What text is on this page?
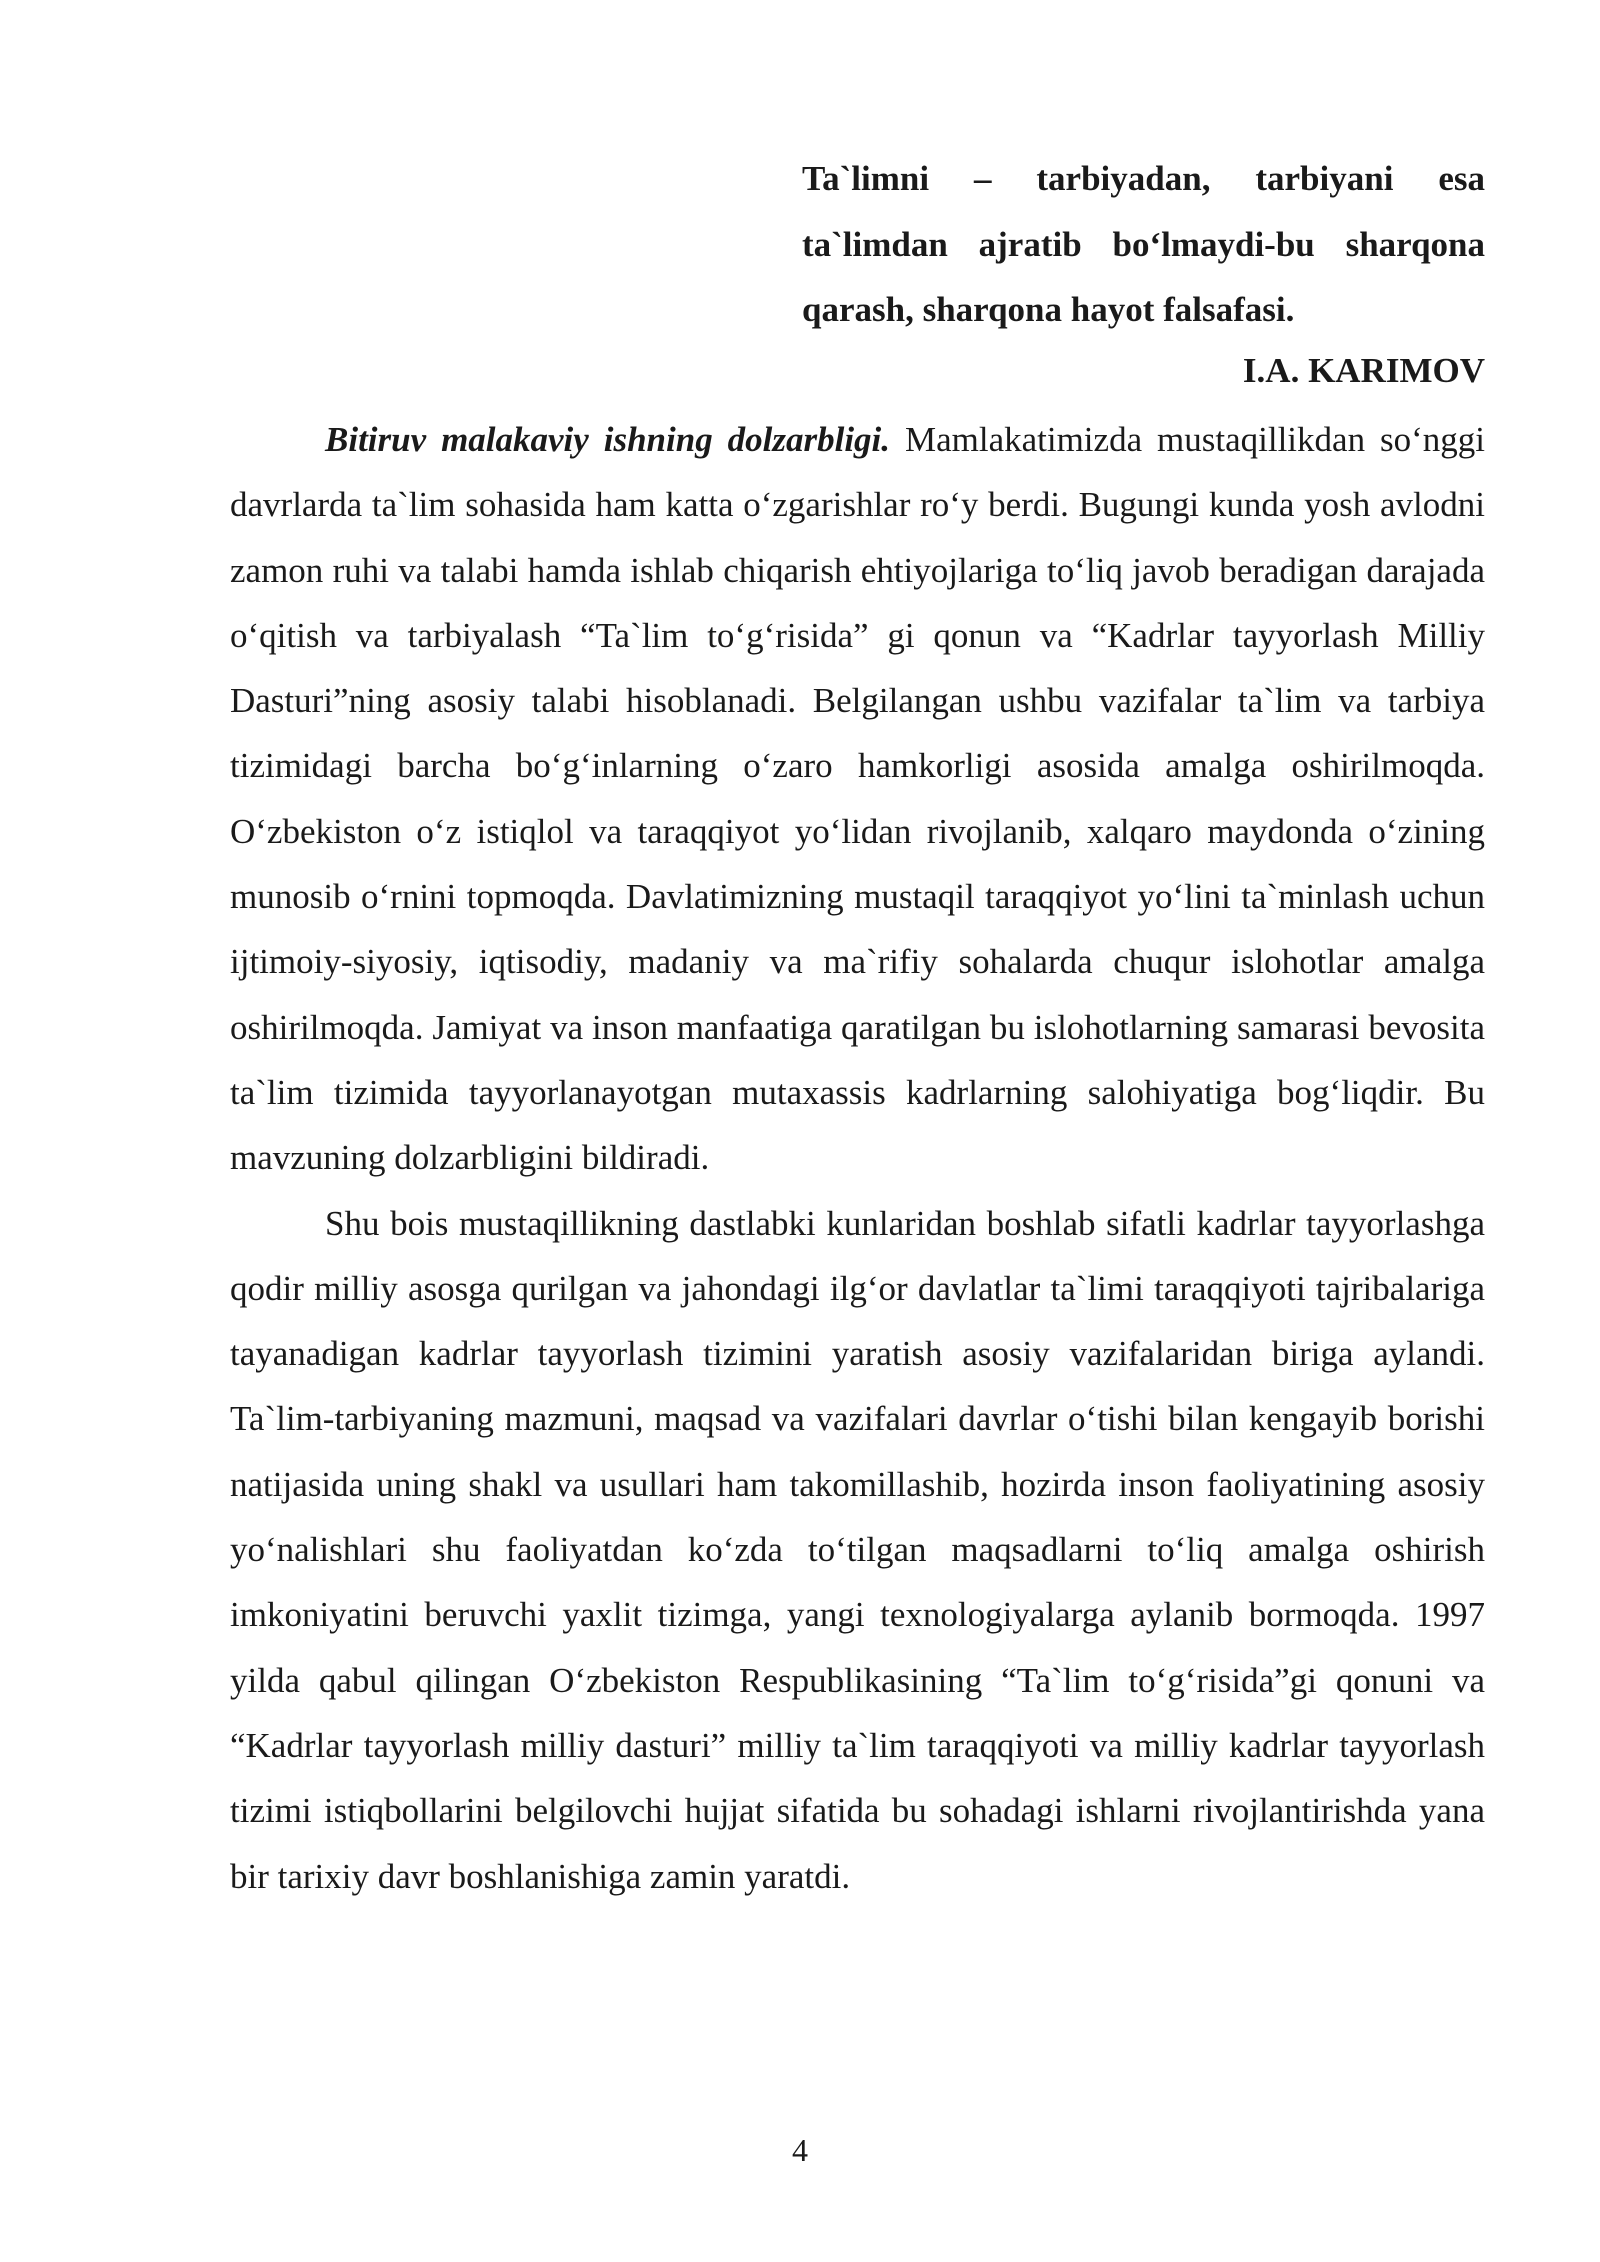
Ta`limni – tarbiyadan, tarbiyani esa ta`limdan ajratib bo‘lmaydi-bu sharqona qarash, sharqona hayot falsafasi.
I.A. KARIMOV

Bitiruv malakaviy ishning dolzarbligi. Mamlakatimizda mustaqillikdan so‘nggi davrlarda ta`lim sohasida ham katta o‘zgarishlar ro‘y berdi. Bugungi kunda yosh avlodni zamon ruhi va talabi hamda ishlab chiqarish ehtiyojlariga to‘liq javob beradigan darajada o‘qitish va tarbiyalash “Ta`lim to‘g‘risida” gi qonun va “Kadrlar tayyorlash Milliy Dasturi”ning asosiy talabi hisoblanadi. Belgilangan ushbu vazifalar ta`lim va tarbiya tizimidagi barcha bo‘g‘inlarning o‘zaro hamkorligi asosida amalga oshirilmoqda. O‘zbekiston o‘z istiqlol va taraqqiyot yo‘lidan rivojlanib, xalqaro maydonda o‘zining munosib o‘rnini topmoqda. Davlatimizning mustaqil taraqqiyot yo‘lini ta`minlash uchun ijtimoiy-siyosiy, iqtisodiy, madaniy va ma`rifiy sohalarda chuqur islohotlar amalga oshirilmoqda. Jamiyat va inson manfaatiga qaratilgan bu islohotlarning samarasi bevosita ta`lim tizimida tayyorlanayotgan mutaxassis kadrlarning salohiyatiga bog‘liqdir. Bu mavzuning dolzarbligini bildiradi.

Shu bois mustaqillikning dastlabki kunlaridan boshlab sifatli kadrlar tayyorlashga qodir milliy asosga qurilgan va jahondagi ilg‘or davlatlar ta`limi taraqqiyoti tajribalariga tayanadigan kadrlar tayyorlash tizimini yaratish asosiy vazifalaridan biriga aylandi. Ta`lim-tarbiyaning mazmuni, maqsad va vazifalari davrlar o‘tishi bilan kengayib borishi natijasida uning shakl va usullari ham takomillashib, hozirda inson faoliyatining asosiy yo‘nalishlari shu faoliyatdan ko‘zda to‘tilgan maqsadlarni to‘liq amalga oshirish imkoniyatini beruvchi yaxlit tizimga, yangi texnologiyalarga aylanib bormoqda. 1997 yilda qabul qilingan O‘zbekiston Respublikasining “Ta`lim to‘g‘risida”gi qonuni va “Kadrlar tayyorlash milliy dasturi” milliy ta`lim taraqqiyoti va milliy kadrlar tayyorlash tizimi istiqbollarini belgilovchi hujjat sifatida bu sohadagi ishlarni rivojlantirishda yana bir tarixiy davr boshlanishiga zamin yaratdi.

4
